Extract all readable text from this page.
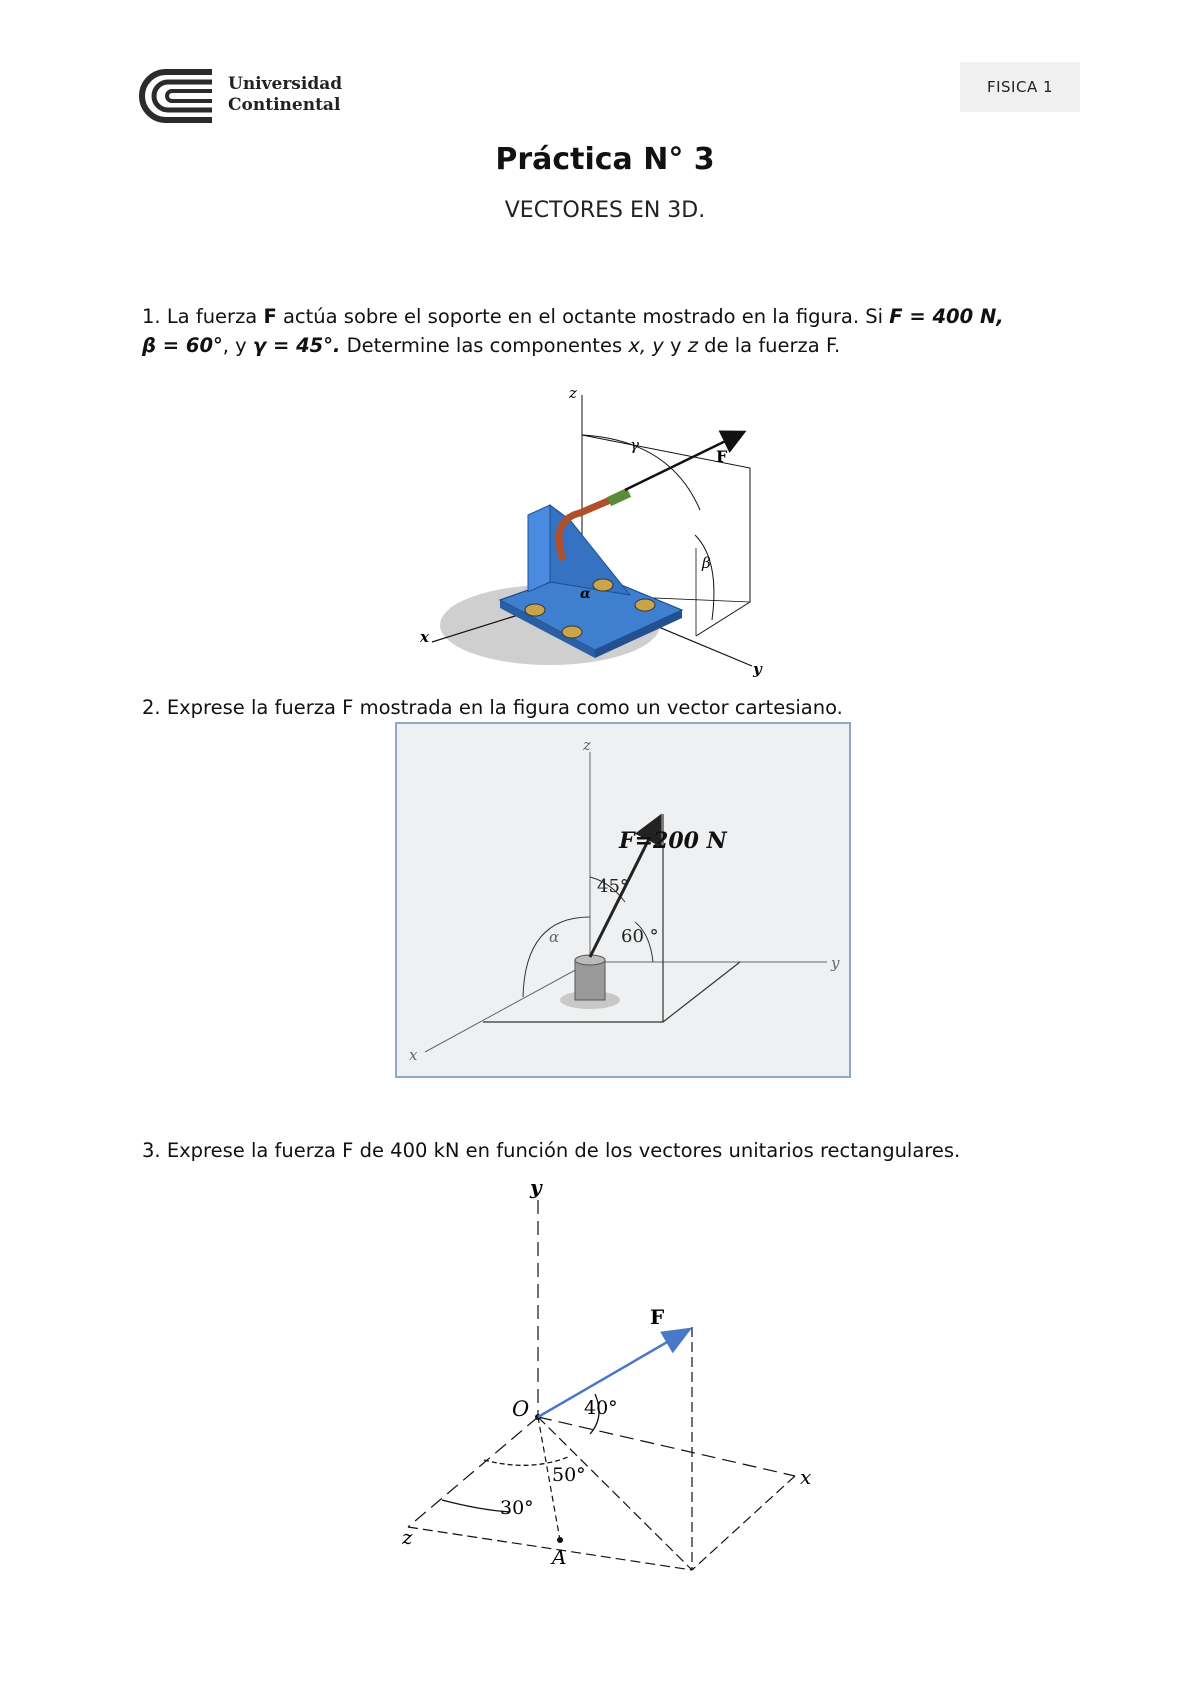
Universidad
Continental
FISICA 1
Práctica N° 3
VECTORES EN 3D.
1. La fuerza F actúa sobre el soporte en el octante mostrado en la figura. Si F = 400 N,
β = 60°, y γ = 45°. Determine las componentes x, y y z de la fuerza F.
z
x
y
F
γ
β
α
2. Exprese la fuerza F mostrada en la figura como un vector cartesiano.
z
x
y
F=200 N
45°
60 °
α
3. Exprese la fuerza F de 400 kN en función de los vectores unitarios rectangulares.
y
x
z
F
O
A
40°
50°
30°
